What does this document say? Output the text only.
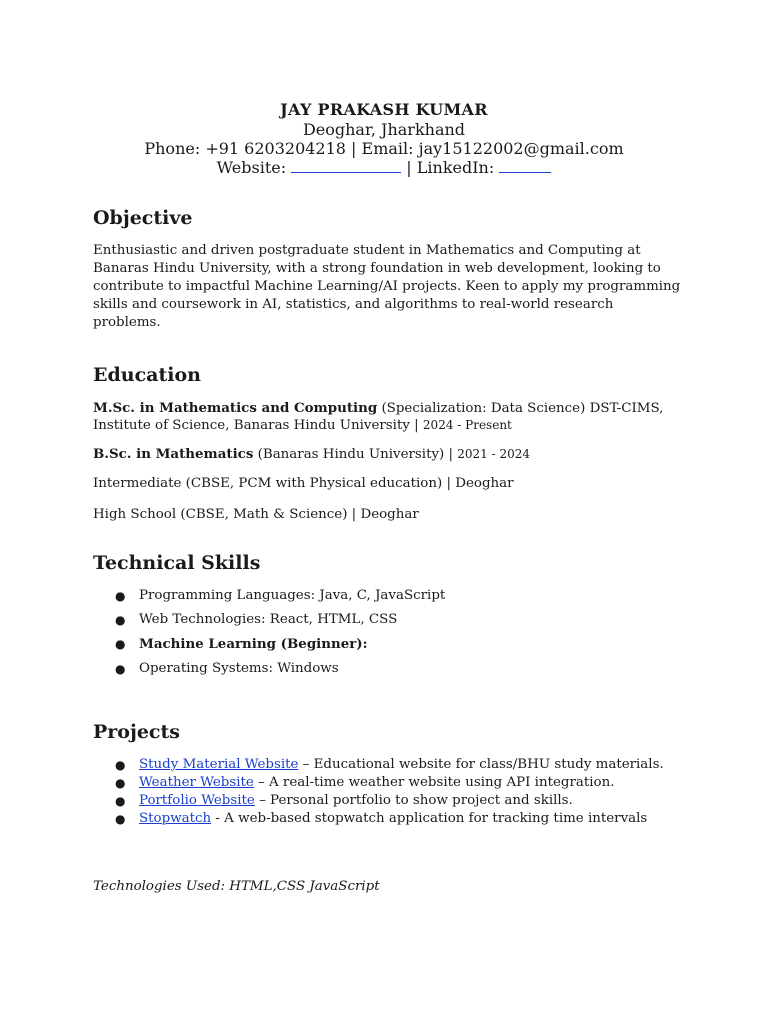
JAY PRAKASH KUMAR
Deoghar, Jharkhand
Phone: +91 6203204218 | Email: jay15122002@gmail.com
Website:	| LinkedIn:
Objective
Enthusiastic and driven postgraduate student in Mathematics and Computing at Banaras Hindu University, with a strong foundation in web development, looking to contribute to impactful Machine Learning/AI projects. Keen to apply my programming skills and coursework in AI, statistics, and algorithms to real-world research problems.
Education
M.Sc. in Mathematics and Computing (Specialization: Data Science) DST-CIMS, Institute of Science, Banaras Hindu University | 2024 - Present
B.Sc. in Mathematics (Banaras Hindu University) | 2021 - 2024
Intermediate (CBSE, PCM with Physical education) | Deoghar
High School (CBSE, Math & Science) | Deoghar
Technical Skills
● Programming Languages: Java, C, JavaScript
● Web Technologies: React, HTML, CSS
● Machine Learning (Beginner):
● Operating Systems: Windows
Projects
● Study Material Website – Educational website for class/BHU study materials.
● Weather Website – A real-time weather website using API integration.
● Portfolio Website – Personal portfolio to show project and skills.
● Stopwatch - A web-based stopwatch application for tracking time intervals
Technologies Used: HTML,CSS JavaScript
